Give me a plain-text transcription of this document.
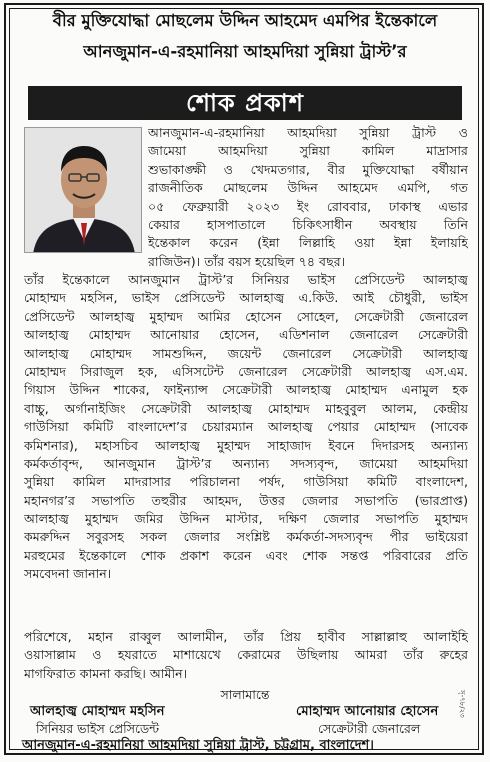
বীর মুক্তিযোদ্ধা মোছলেম উদ্দিন আহমেদ এমপির ইন্তেকালে
আনজুমান-এ-রহমানিয়া আহমদিয়া সুন্নিয়া ট্রাস্ট’র
শোক প্রকাশ
আনজুমান-এ-রহমানিয়া আহমদিয়া সুন্নিয়া ট্রাস্ট ও
জামেয়া আহমদিয়া সুন্নিয়া কামিল মাদ্রাসার
শুভাকাঙ্ক্ষী ও খেদমতগার, বীর মুক্তিযোদ্ধা বর্ষীয়ান
রাজনীতিক মোছলেম উদ্দিন আহমেদ এমপি, গত
০৫ ফেব্রুয়ারী ২০২৩ ইং রোববার, ঢাকাস্থ এভার
কেয়ার হাসপাতালে চিকিৎসাধীন অবস্থায় তিনি
ইন্তেকাল করেন (ইন্না লিল্লাহি ওয়া ইন্না ইলায়হি
রাজিউন)। তাঁর বয়স হয়েছিল ৭৪ বছর।
তাঁর ইন্তেকালে আনজুমান ট্রাস্ট’র সিনিয়র ভাইস প্রেসিডেন্ট আলহাজ্ব
মোহাম্মদ মহসিন, ভাইস প্রেসিডেন্ট আলহাজ্ব এ.কিউ. আই চৌধুরী, ভাইস
প্রেসিডেন্ট আলহাজ্ব মুহাম্মদ আমির হোসেন সোহেল, সেক্রেটারী জেনারেল
আলহাজ্ব মোহাম্মদ আনোয়ার হোসেন, এডিশনাল জেনারেল সেক্রেটারী
আলহাজ্ব মোহাম্মদ সামশুদ্দিন, জয়েন্ট জেনারেল সেক্রেটারী আলহাজ্ব
মোহাম্মদ সিরাজুল হক, এসিসটেন্ট জেনারেল সেক্রেটারী আলহাজ্ব এস.এম.
গিয়াস উদ্দিন শাকের, ফাইন্যান্স সেক্রেটারী আলহাজ্ব মোহাম্মদ এনামুল হক
বাচ্চু, অর্গানাইজিং সেক্রেটারী আলহাজ্ব মোহাম্মদ মাহবুবুল আলম, কেন্দ্রীয়
গাউসিয়া কমিটি বাংলাদেশ’র চেয়ারম্যান আলহাজ্ব পেয়ার মোহাম্মদ (সাবেক
কমিশনার), মহাসচিব আলহাজ্ব মুহাম্মদ সাহাজাদ ইবনে দিদারসহ অন্যান্য
কর্মকর্তাবৃন্দ, আনজুমান ট্রাস্ট’র অন্যান্য সদস্যবৃন্দ, জামেয়া আহমদিয়া
সুন্নিয়া কামিল মাদরাসার পরিচালনা পর্ষদ, গাউসিয়া কমিটি বাংলাদেশ,
মহানগর’র সভাপতি তহুরীর আহমদ, উত্তর জেলার সভাপতি (ভারপ্রাপ্ত)
আলহাজ্ব মুহাম্মদ জমির উদ্দিন মাস্টার, দক্ষিণ জেলার সভাপতি মুহাম্মদ
কমরুদ্দিন সবুরসহ সকল জেলার সংশ্লিষ্ট কর্মকর্তা-সদস্যবৃন্দ পীর ভাইয়েরা
মরহুমের ইন্তেকালে শোক প্রকাশ করেন এবং শোক সন্তপ্ত পরিবারের প্রতি
সমবেদনা জানান।
পরিশেষে, মহান রাব্বুল আলামীন, তাঁর প্রিয় হাবীব সাল্লাল্লাহু আলাইহি
ওয়াসাল্লাম ও হযরাতে মাশায়েখে কেরামের উছিলায় আমরা তাঁর রুহের
মাগফিরাত কামনা করছি। আমীন।
সালামান্তে
আলহাজ্ব মোহাম্মদ মহসিন	মোহাম্মদ আনোয়ার হোসেন
সিনিয়র ভাইস প্রেসিডেন্ট	সেক্রেটারী জেনারেল
আনজুমান-এ-রহমানিয়া আহমদিয়া সুন্নিয়া ট্রাস্ট, চট্টগ্রাম, বাংলাদেশ।
সৃ-৭৮/২৩
